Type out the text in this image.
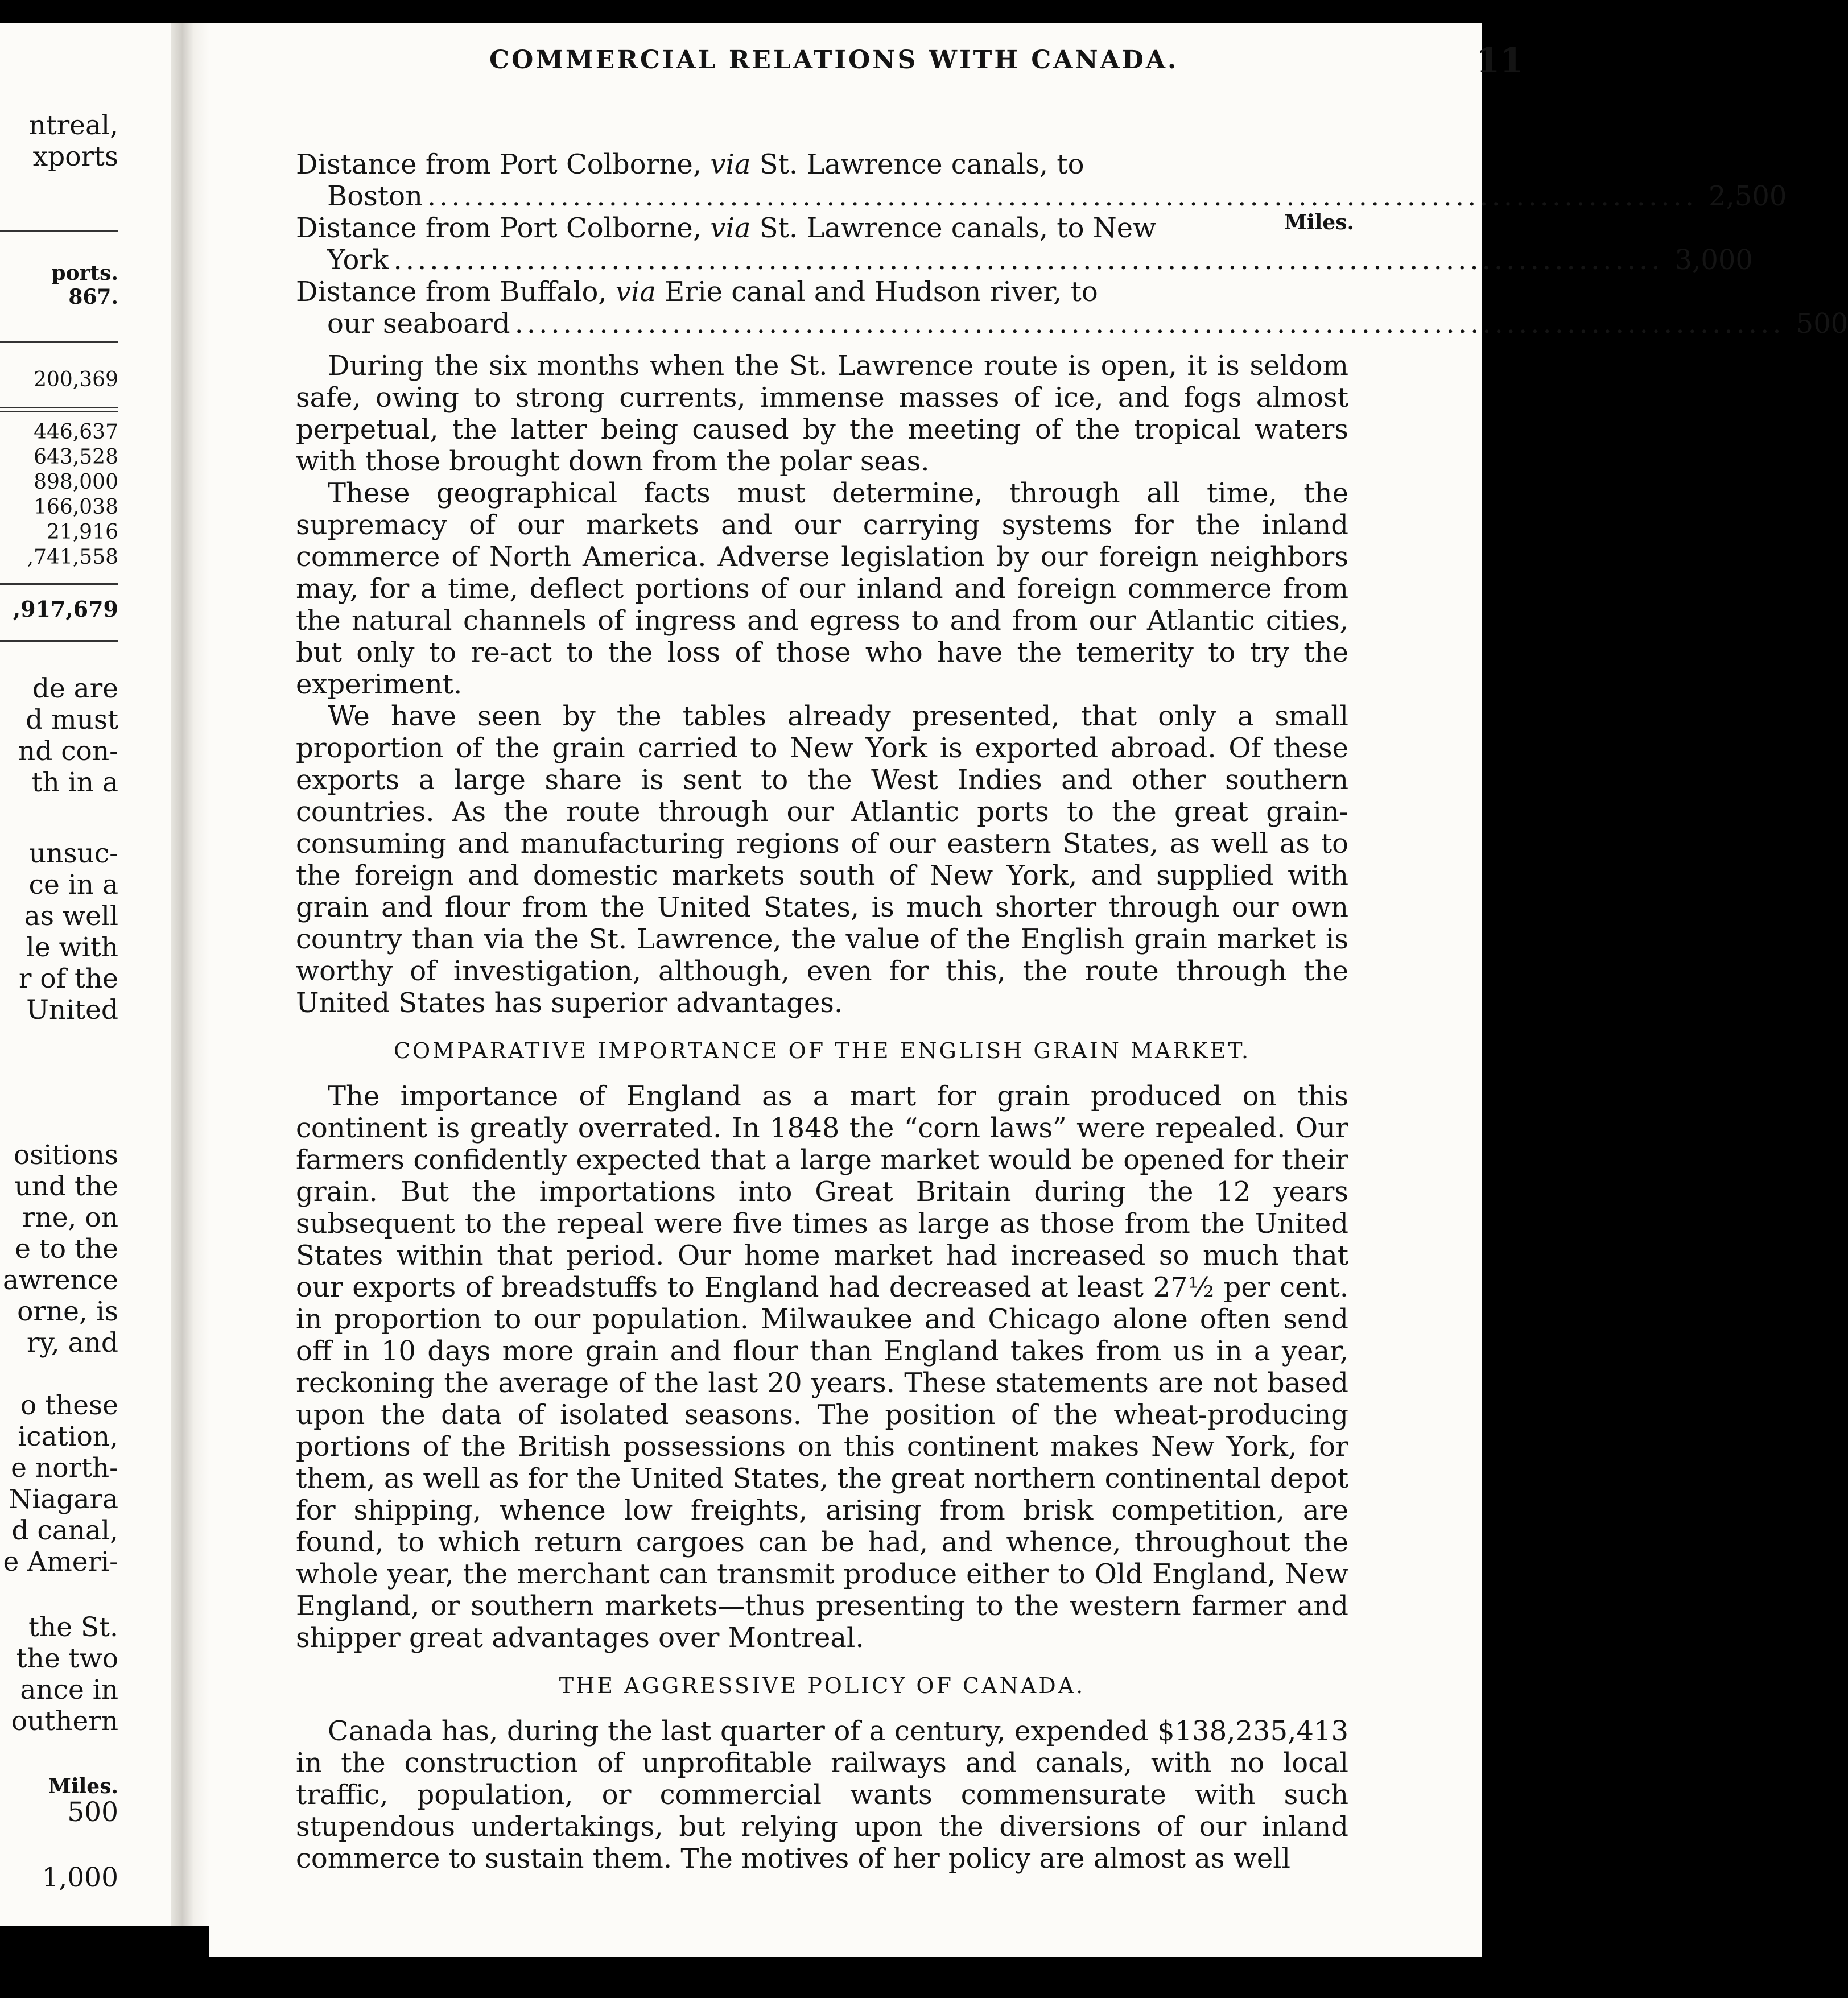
ntreal,
xports
ports.
867.
200,369
446,637
643,528
898,000
166,038
21,916
,741,558
,917,679
de are
d must
nd con-
th in a
unsuc-
ce in a
as well
le with
r of the
United
ositions
und the
rne, on
e to the
awrence
orne, is
ry, and
o these
ication,
e north-
Niagara
d canal,
e Ameri-
the St.
the two
ance in
outhern
Miles.
500
1,000
COMMERCIAL RELATIONS WITH CANADA.	11
Miles.
Distance from Port Colborne, via St. Lawrence canals, to
Boston ......................................................................................................... 2,500
Distance from Port Colborne, via St. Lawrence canals, to New
York ......................................................................................................... 3,000
Distance from Buffalo, via Erie canal and Hudson river, to
our seaboard ......................................................................................................... 500

During the six months when the St. Lawrence route is open, it is seldom safe, owing to strong currents, immense masses of ice, and fogs almost perpetual, the latter being caused by the meeting of the tropical waters with those brought down from the polar seas.

These geographical facts must determine, through all time, the supremacy of our markets and our carrying systems for the inland commerce of North America. Adverse legislation by our foreign neighbors may, for a time, deflect portions of our inland and foreign commerce from the natural channels of ingress and egress to and from our Atlantic cities, but only to re-act to the loss of those who have the temerity to try the experiment.

We have seen by the tables already presented, that only a small proportion of the grain carried to New York is exported abroad. Of these exports a large share is sent to the West Indies and other southern countries. As the route through our Atlantic ports to the great grain-consuming and manufacturing regions of our eastern States, as well as to the foreign and domestic markets south of New York, and supplied with grain and flour from the United States, is much shorter through our own country than via the St. Lawrence, the value of the English grain market is worthy of investigation, although, even for this, the route through the United States has superior advantages.

COMPARATIVE IMPORTANCE OF THE ENGLISH GRAIN MARKET.

The importance of England as a mart for grain produced on this continent is greatly overrated. In 1848 the “corn laws” were repealed. Our farmers confidently expected that a large market would be opened for their grain. But the importations into Great Britain during the 12 years subsequent to the repeal were five times as large as those from the United States within that period. Our home market had increased so much that our exports of breadstuffs to England had decreased at least 27½ per cent. in proportion to our population. Milwaukee and Chicago alone often send off in 10 days more grain and flour than England takes from us in a year, reckoning the average of the last 20 years. These statements are not based upon the data of isolated seasons. The position of the wheat-producing portions of the British possessions on this continent makes New York, for them, as well as for the United States, the great northern continental depot for shipping, whence low freights, arising from brisk competition, are found, to which return cargoes can be had, and whence, throughout the whole year, the merchant can transmit produce either to Old England, New England, or southern markets—thus presenting to the western farmer and shipper great advantages over Montreal.

THE AGGRESSIVE POLICY OF CANADA.

Canada has, during the last quarter of a century, expended $138,235,413 in the construction of unprofitable railways and canals, with no local traffic, population, or commercial wants commensurate with such stupendous undertakings, but relying upon the diversions of our inland commerce to sustain them. The motives of her policy are almost as well
